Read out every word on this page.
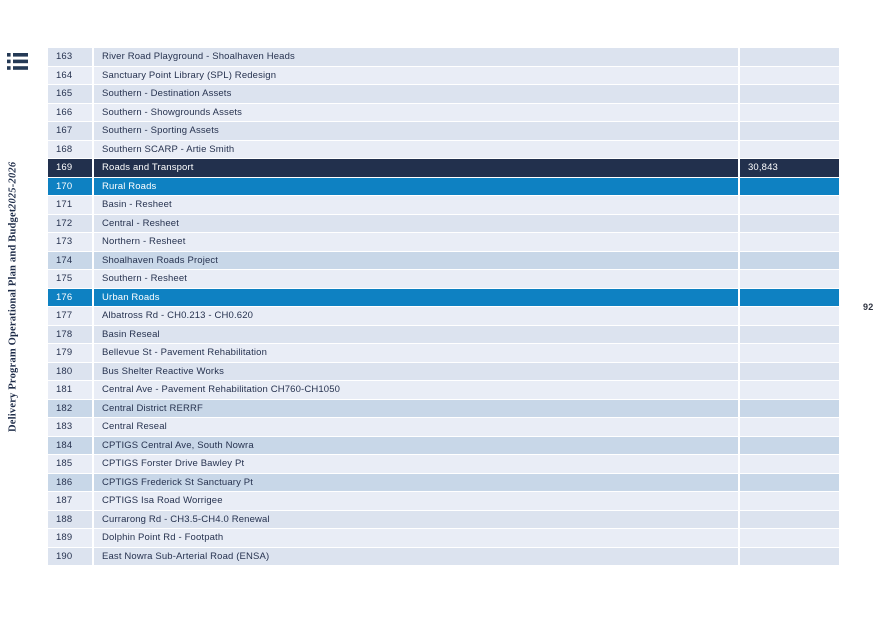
Delivery Program Operational Plan and Budget
2025-2026
163	River Road Playground - Shoalhaven Heads
164	Sanctuary Point Library (SPL) Redesign
165	Southern - Destination Assets
166	Southern - Showgrounds Assets
167	Southern - Sporting Assets
168	Southern SCARP - Artie Smith
169	Roads and Transport	30,843
170	Rural Roads
171	Basin - Resheet
172	Central - Resheet
173	Northern - Resheet
174	Shoalhaven Roads Project
175	Southern - Resheet
176	Urban Roads
177	Albatross Rd - CH0.213 - CH0.620
178	Basin Reseal
179	Bellevue St - Pavement Rehabilitation
180	Bus Shelter Reactive Works
181	Central Ave - Pavement Rehabilitation CH760-CH1050
182	Central District RERRF
183	Central Reseal
184	CPTIGS Central Ave, South Nowra
185	CPTIGS Forster Drive Bawley Pt
186	CPTIGS Frederick St Sanctuary Pt
187	CPTIGS Isa Road Worrigee
188	Currarong Rd - CH3.5-CH4.0 Renewal
189	Dolphin Point Rd - Footpath
190	East Nowra Sub-Arterial Road (ENSA)
92
